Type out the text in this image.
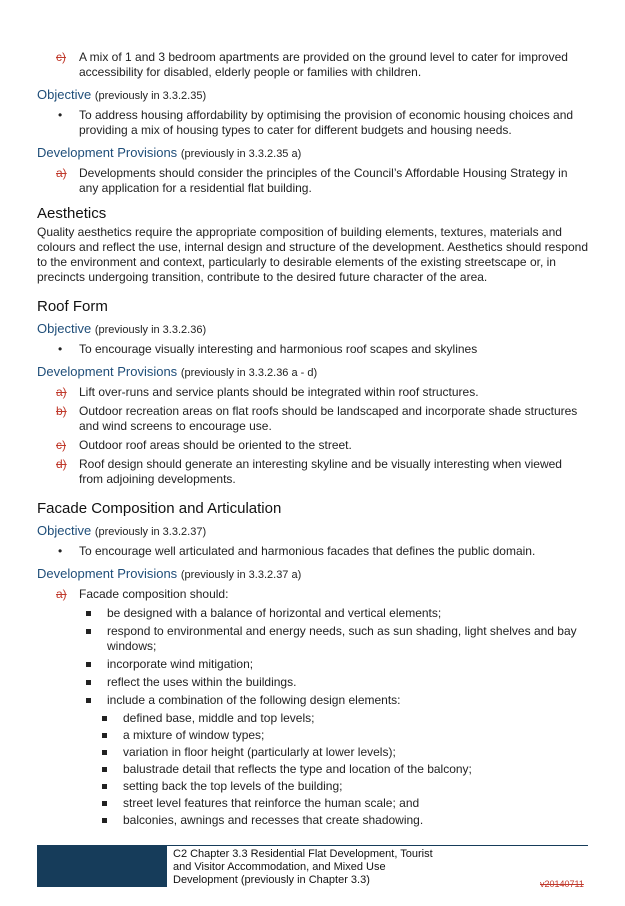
c) A mix of 1 and 3 bedroom apartments are provided on the ground level to cater for improved accessibility for disabled, elderly people or families with children.
Objective (previously in 3.3.2.35)
• To address housing affordability by optimising the provision of economic housing choices and providing a mix of housing types to cater for different budgets and housing needs.
Development Provisions (previously in 3.3.2.35 a)
a) Developments should consider the principles of the Council’s Affordable Housing Strategy in any application for a residential flat building.
Aesthetics
Quality aesthetics require the appropriate composition of building elements, textures, materials and colours and reflect the use, internal design and structure of the development. Aesthetics should respond to the environment and context, particularly to desirable elements of the existing streetscape or, in precincts undergoing transition, contribute to the desired future character of the area.
Roof Form
Objective (previously in 3.3.2.36)
• To encourage visually interesting and harmonious roof scapes and skylines
Development Provisions (previously in 3.3.2.36 a - d)
a) Lift over-runs and service plants should be integrated within roof structures.
b) Outdoor recreation areas on flat roofs should be landscaped and incorporate shade structures and wind screens to encourage use.
c) Outdoor roof areas should be oriented to the street.
d) Roof design should generate an interesting skyline and be visually interesting when viewed from adjoining developments.
Facade Composition and Articulation
Objective (previously in 3.3.2.37)
• To encourage well articulated and harmonious facades that defines the public domain.
Development Provisions (previously in 3.3.2.37 a)
a) Facade composition should:
be designed with a balance of horizontal and vertical elements;
respond to environmental and energy needs, such as sun shading, light shelves and bay windows;
incorporate wind mitigation;
reflect the uses within the buildings.
include a combination of the following design elements:
defined base, middle and top levels;
a mixture of window types;
variation in floor height (particularly at lower levels);
balustrade detail that reflects the type and location of the balcony;
setting back the top levels of the building;
street level features that reinforce the human scale; and
balconies, awnings and recesses that create shadowing.
C2 Chapter 3.3 Residential Flat Development, Tourist
and Visitor Accommodation, and Mixed Use
Development (previously in Chapter 3.3)	v20140711
